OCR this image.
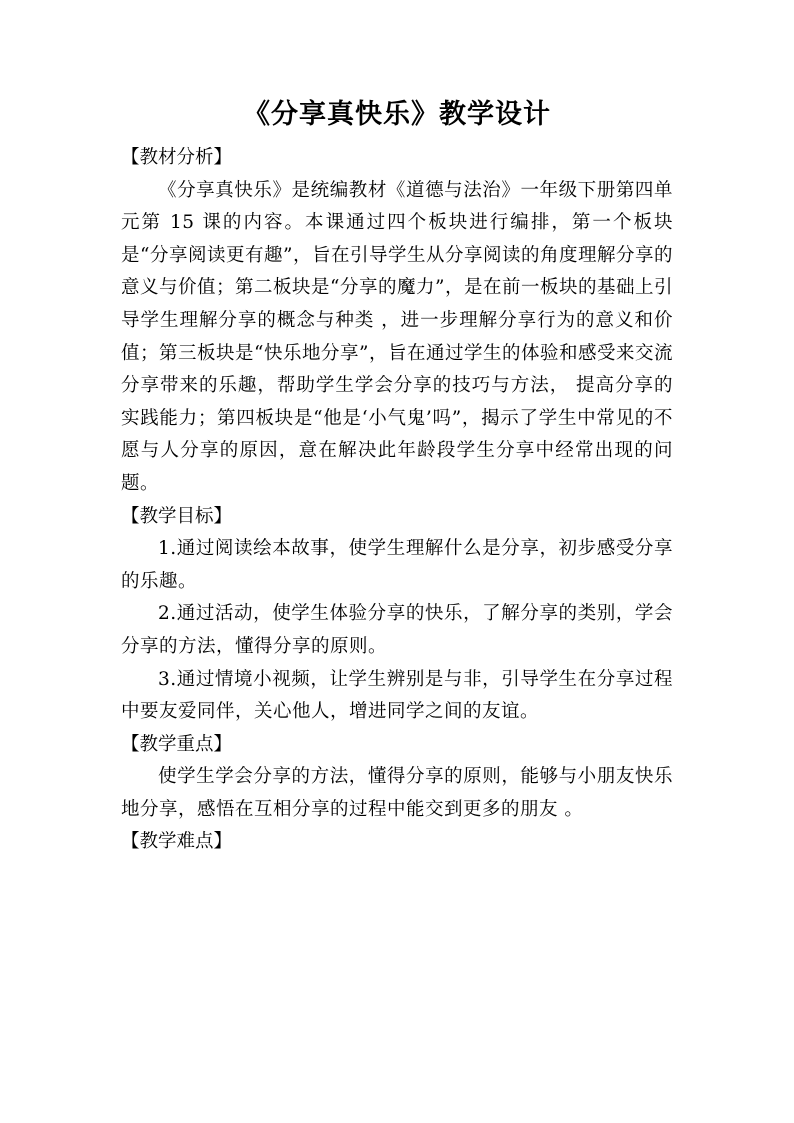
《分享真快乐》教学设计
【教材分析】

《分享真快乐》是统编教材《道德与法治》一年级下册第四单元第 15 课的内容。本课通过四个板块进行编排，第一个板块是“分享阅读更有趣”，旨在引导学生从分享阅读的角度理解分享的意义与价值；第二板块是“分享的魔力”，是在前一板块的基础上引导学生理解分享的概念与种类 ，进一步理解分享行为的意义和价值；第三板块是“快乐地分享”，旨在通过学生的体验和感受来交流分享带来的乐趣，帮助学生学会分享的技巧与方法， 提高分享的实践能力；第四板块是“他是‘小气鬼’吗”，揭示了学生中常见的不愿与人分享的原因，意在解决此年龄段学生分享中经常出现的问题。

【教学目标】

1.通过阅读绘本故事，使学生理解什么是分享，初步感受分享的乐趣。

2.通过活动，使学生体验分享的快乐，了解分享的类别，学会分享的方法，懂得分享的原则。

3.通过情境小视频，让学生辨别是与非，引导学生在分享过程中要友爱同伴，关心他人，增进同学之间的友谊。

【教学重点】

使学生学会分享的方法，懂得分享的原则，能够与小朋友快乐地分享，感悟在互相分享的过程中能交到更多的朋友 。

【教学难点】
